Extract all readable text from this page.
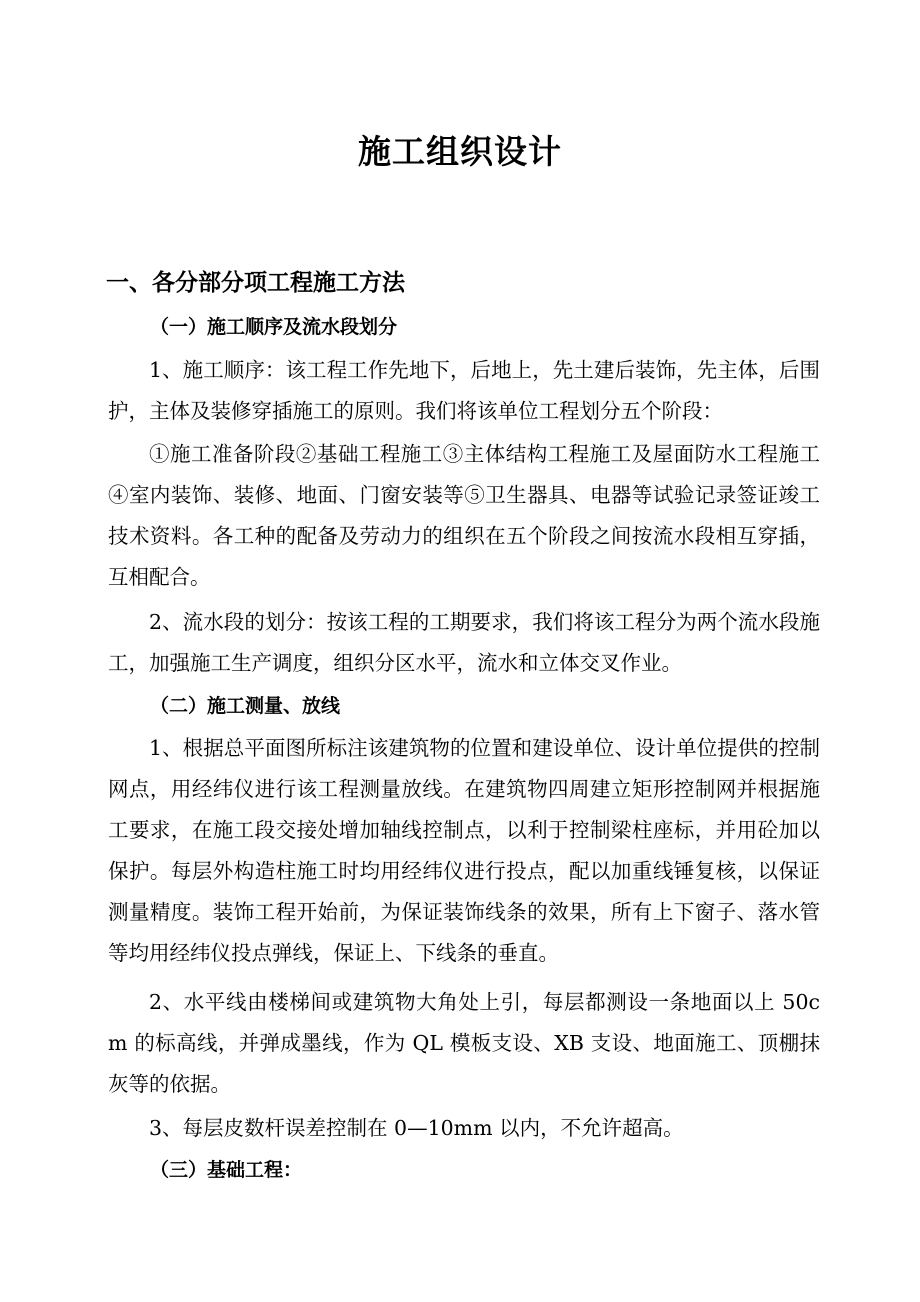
施工组织设计
一、各分部分项工程施工方法
（一）施工顺序及流水段划分

1、施工顺序：该工程工作先地下，后地上，先土建后装饰，先主体，后围护，主体及装修穿插施工的原则。我们将该单位工程划分五个阶段：

①施工准备阶段②基础工程施工③主体结构工程施工及屋面防水工程施工④室内装饰、装修、地面、门窗安装等⑤卫生器具、电器等试验记录签证竣工技术资料。各工种的配备及劳动力的组织在五个阶段之间按流水段相互穿插，互相配合。

2、流水段的划分：按该工程的工期要求，我们将该工程分为两个流水段施工，加强施工生产调度，组织分区水平，流水和立体交叉作业。

（二）施工测量、放线

1、根据总平面图所标注该建筑物的位置和建设单位、设计单位提供的控制网点，用经纬仪进行该工程测量放线。在建筑物四周建立矩形控制网并根据施工要求，在施工段交接处增加轴线控制点，以利于控制梁柱座标，并用砼加以保护。每层外构造柱施工时均用经纬仪进行投点，配以加重线锤复核，以保证测量精度。装饰工程开始前，为保证装饰线条的效果，所有上下窗子、落水管等均用经纬仪投点弹线，保证上、下线条的垂直。

2、水平线由楼梯间或建筑物大角处上引，每层都测设一条地面以上 50cm 的标高线，并弹成墨线，作为 QL 模板支设、XB 支设、地面施工、顶棚抹灰等的依据。

3、每层皮数杆误差控制在 0—10mm 以内，不允许超高。

（三）基础工程：
